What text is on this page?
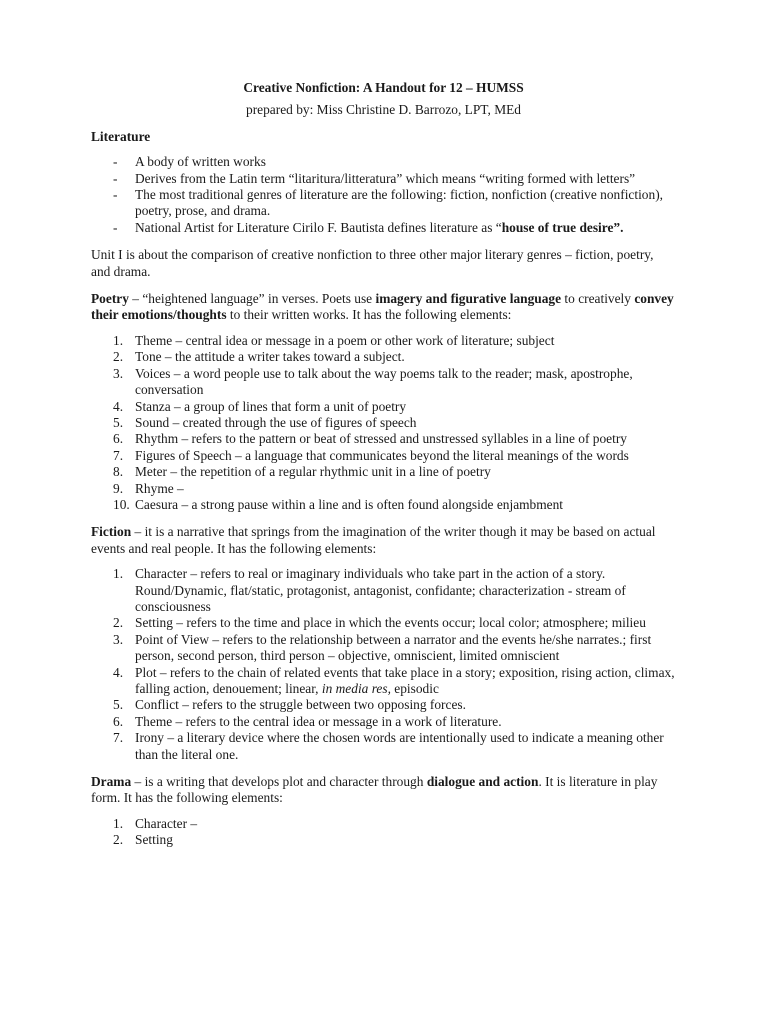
Creative Nonfiction: A Handout for 12 – HUMSS

prepared by: Miss Christine D. Barrozo, LPT, MEd

Literature

- A body of written works
- Derives from the Latin term “litaritura/litteratura” which means “writing formed with letters”
- The most traditional genres of literature are the following: fiction, nonfiction (creative nonfiction), poetry, prose, and drama.
- National Artist for Literature Cirilo F. Bautista defines literature as “house of true desire”.

Unit I is about the comparison of creative nonfiction to three other major literary genres – fiction, poetry, and drama.

Poetry – “heightened language” in verses. Poets use imagery and figurative language to creatively convey their emotions/thoughts to their written works. It has the following elements:

1. Theme – central idea or message in a poem or other work of literature; subject
2. Tone – the attitude a writer takes toward a subject.
3. Voices – a word people use to talk about the way poems talk to the reader; mask, apostrophe, conversation
4. Stanza – a group of lines that form a unit of poetry
5. Sound – created through the use of figures of speech
6. Rhythm – refers to the pattern or beat of stressed and unstressed syllables in a line of poetry
7. Figures of Speech – a language that communicates beyond the literal meanings of the words
8. Meter – the repetition of a regular rhythmic unit in a line of poetry
9. Rhyme –
10. Caesura – a strong pause within a line and is often found alongside enjambment

Fiction – it is a narrative that springs from the imagination of the writer though it may be based on actual events and real people. It has the following elements:

1. Character – refers to real or imaginary individuals who take part in the action of a story. Round/Dynamic, flat/static, protagonist, antagonist, confidante; characterization - stream of consciousness
2. Setting – refers to the time and place in which the events occur; local color; atmosphere; milieu
3. Point of View – refers to the relationship between a narrator and the events he/she narrates.; first person, second person, third person – objective, omniscient, limited omniscient
4. Plot – refers to the chain of related events that take place in a story; exposition, rising action, climax, falling action, denouement; linear, in media res, episodic
5. Conflict – refers to the struggle between two opposing forces.
6. Theme – refers to the central idea or message in a work of literature.
7. Irony – a literary device where the chosen words are intentionally used to indicate a meaning other than the literal one.

Drama – is a writing that develops plot and character through dialogue and action. It is literature in play form. It has the following elements:

1. Character –
2. Setting
